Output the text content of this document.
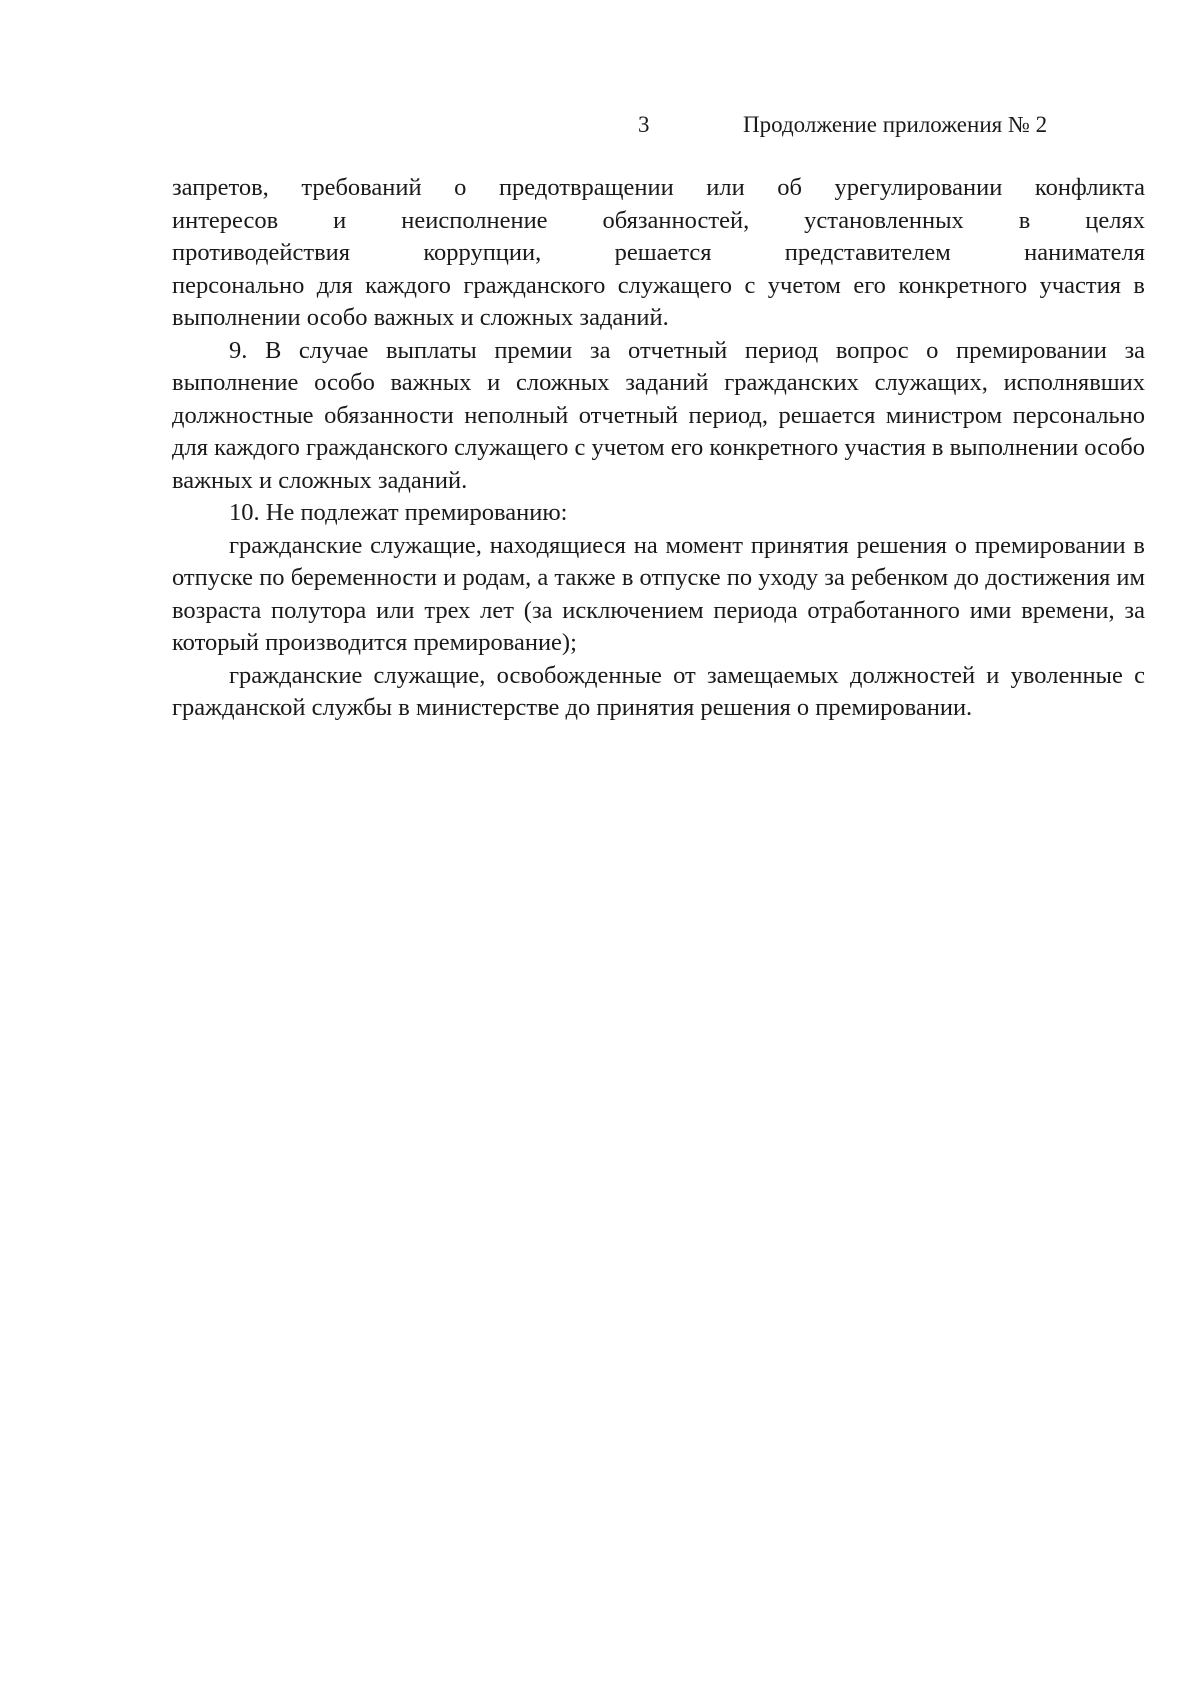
3	Продолжение приложения № 2

запретов, требований о предотвращении или об урегулировании конфликта

интересов и неисполнение обязанностей, установленных в целях

противодействия коррупции, решается представителем нанимателя

персонально для каждого гражданского служащего с учетом его конкретного участия в выполнении особо важных и сложных заданий.

9. В случае выплаты премии за отчетный период вопрос о премировании за выполнение особо важных и сложных заданий гражданских служащих, исполнявших должностные обязанности неполный отчетный период, решается министром персонально для каждого гражданского служащего с учетом его конкретного участия в выполнении особо важных и сложных заданий.

10. Не подлежат премированию:

гражданские служащие, находящиеся на момент принятия решения о премировании в отпуске по беременности и родам, а также в отпуске по уходу за ребенком до достижения им возраста полутора или трех лет (за исключением периода отработанного ими времени, за который производится премирование);

гражданские служащие, освобожденные от замещаемых должностей и уволенные с гражданской службы в министерстве до принятия решения о премировании.
